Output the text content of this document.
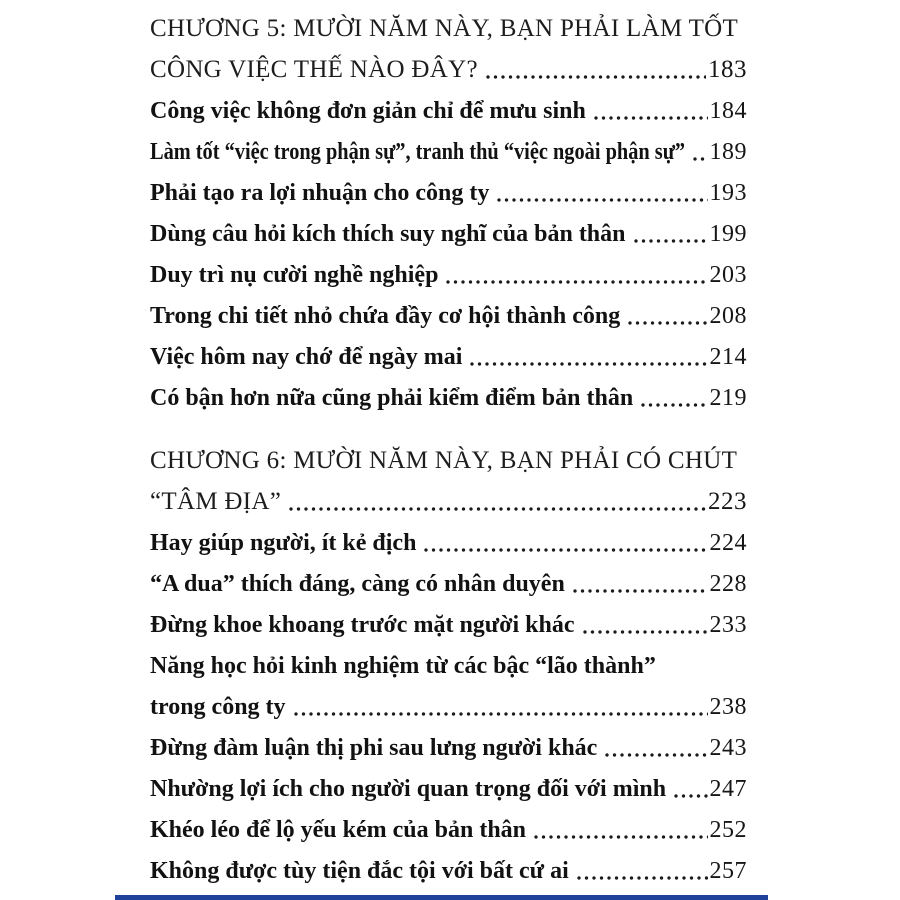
CHƯƠNG 5: MƯỜI NĂM NÀY, BẠN PHẢI LÀM TỐT
CÔNG VIỆC THẾ NÀO ĐÂY?	183
Công việc không đơn giản chỉ để mưu sinh	184
Làm tốt “việc trong phận sự”, tranh thủ “việc ngoài phận sự” 189
Phải tạo ra lợi nhuận cho công ty	193
Dùng câu hỏi kích thích suy nghĩ của bản thân	199
Duy trì nụ cười nghề nghiệp	203
Trong chi tiết nhỏ chứa đầy cơ hội thành công	208
Việc hôm nay chớ để ngày mai	214
Có bận hơn nữa cũng phải kiểm điểm bản thân	219
CHƯƠNG 6: MƯỜI NĂM NÀY, BẠN PHẢI CÓ CHÚT
“TÂM ĐỊA”	223
Hay giúp người, ít kẻ địch	224
“A dua” thích đáng, càng có nhân duyên	228
Đừng khoe khoang trước mặt người khác	233
Năng học hỏi kinh nghiệm từ các bậc “lão thành”
trong công ty	238
Đừng đàm luận thị phi sau lưng người khác	243
Nhường lợi ích cho người quan trọng đối với mình 247
Khéo léo để lộ yếu kém của bản thân	252
Không được tùy tiện đắc tội với bất cứ ai	257
